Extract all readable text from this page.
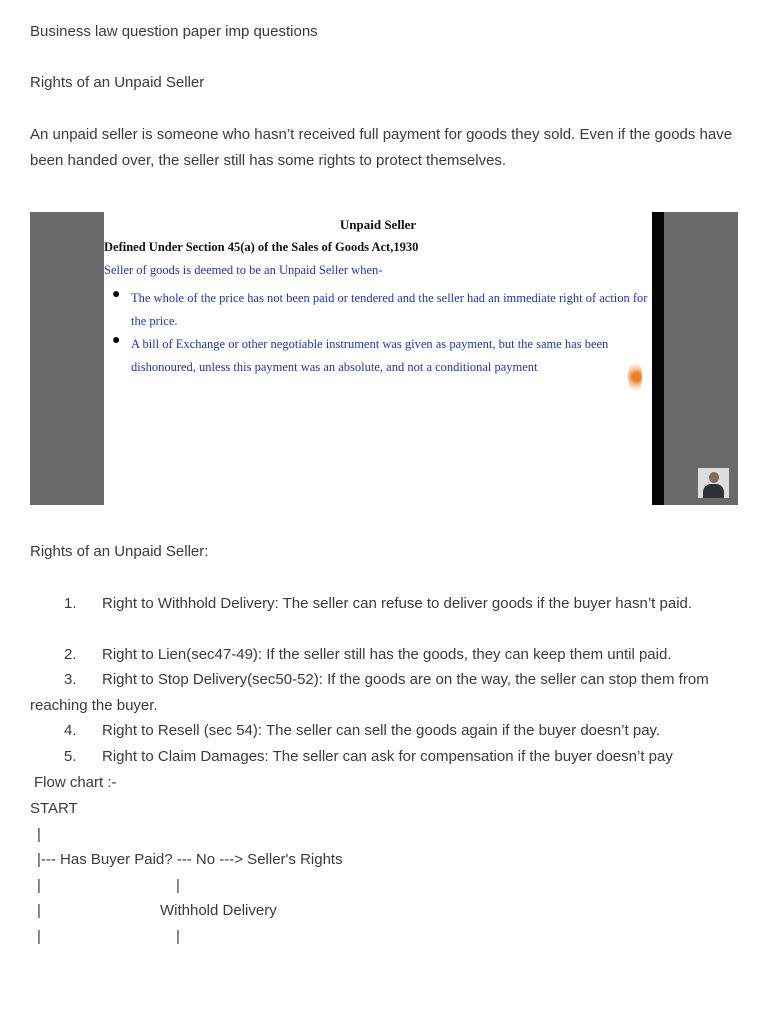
Business law question paper imp questions

Rights of an Unpaid Seller

An unpaid seller is someone who hasn’t received full payment for goods they sold. Even if the goods have been handed over, the seller still has some rights to protect themselves.

Unpaid Seller
Defined Under Section 45(a) of the Sales of Goods Act,1930
Seller of goods is deemed to be an Unpaid Seller when-
● The whole of the price has not been paid or tendered and the seller had an immediate right of action for the price.
● A bill of Exchange or other negotiable instrument was given as payment, but the same has been dishonoured, unless this payment was an absolute, and not a conditional payment

Rights of an Unpaid Seller:

1.	Right to Withhold Delivery: The seller can refuse to deliver goods if the buyer hasn’t paid.
2.	Right to Lien(sec47-49): If the seller still has the goods, they can keep them until paid.
3.	Right to Stop Delivery(sec50-52): If the goods are on the way, the seller can stop them from reaching the buyer.
4.	Right to Resell (sec 54): The seller can sell the goods again if the buyer doesn’t pay.
5.	Right to Claim Damages: The seller can ask for compensation if the buyer doesn’t pay
Flow chart :-
START
|
|--- Has Buyer Paid? --- No ---> Seller's Rights
|	|
|	Withhold Delivery
|	|
